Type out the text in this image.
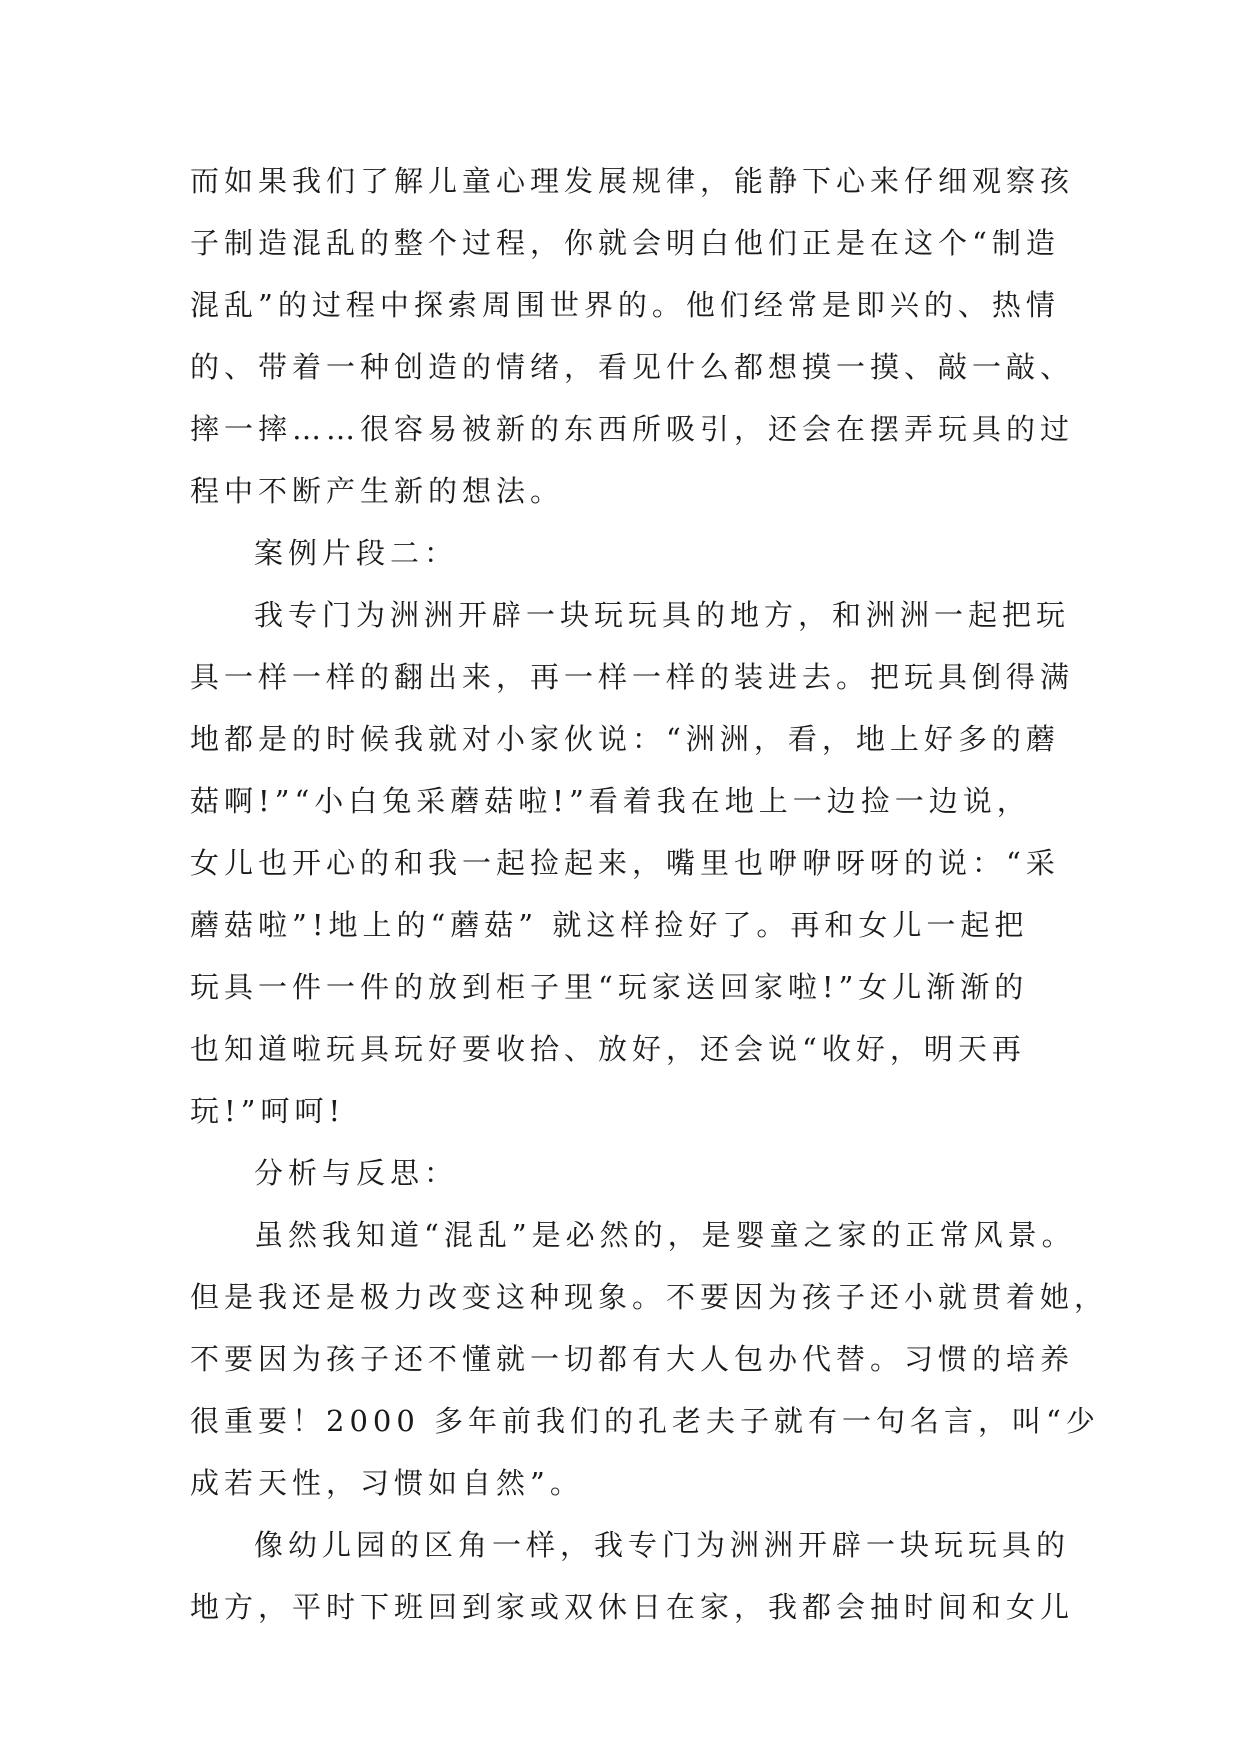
而如果我们了解儿童心理发展规律，能静下心来仔细观察孩
子制造混乱的整个过程，你就会明白他们正是在这个“制造
混乱”的过程中探索周围世界的。他们经常是即兴的、热情
的、带着一种创造的情绪，看见什么都想摸一摸、敲一敲、
摔一摔……很容易被新的东西所吸引，还会在摆弄玩具的过
程中不断产生新的想法。
案例片段二：
我专门为洲洲开辟一块玩玩具的地方，和洲洲一起把玩
具一样一样的翻出来，再一样一样的装进去。把玩具倒得满
地都是的时候我就对小家伙说：“洲洲，看，地上好多的蘑
菇啊!”“小白兔采蘑菇啦!”看着我在地上一边捡一边说，
女儿也开心的和我一起捡起来，嘴里也咿咿呀呀的说：“采
蘑菇啦”!地上的“蘑菇” 就这样捡好了。再和女儿一起把
玩具一件一件的放到柜子里“玩家送回家啦!”女儿渐渐的
也知道啦玩具玩好要收拾、放好，还会说“收好，明天再
玩!”呵呵!
分析与反思：
虽然我知道“混乱”是必然的，是婴童之家的正常风景。
但是我还是极力改变这种现象。不要因为孩子还小就贯着她，
不要因为孩子还不懂就一切都有大人包办代替。习惯的培养
很重要！2000 多年前我们的孔老夫子就有一句名言，叫“少
成若天性，习惯如自然”。
像幼儿园的区角一样，我专门为洲洲开辟一块玩玩具的
地方，平时下班回到家或双休日在家，我都会抽时间和女儿
